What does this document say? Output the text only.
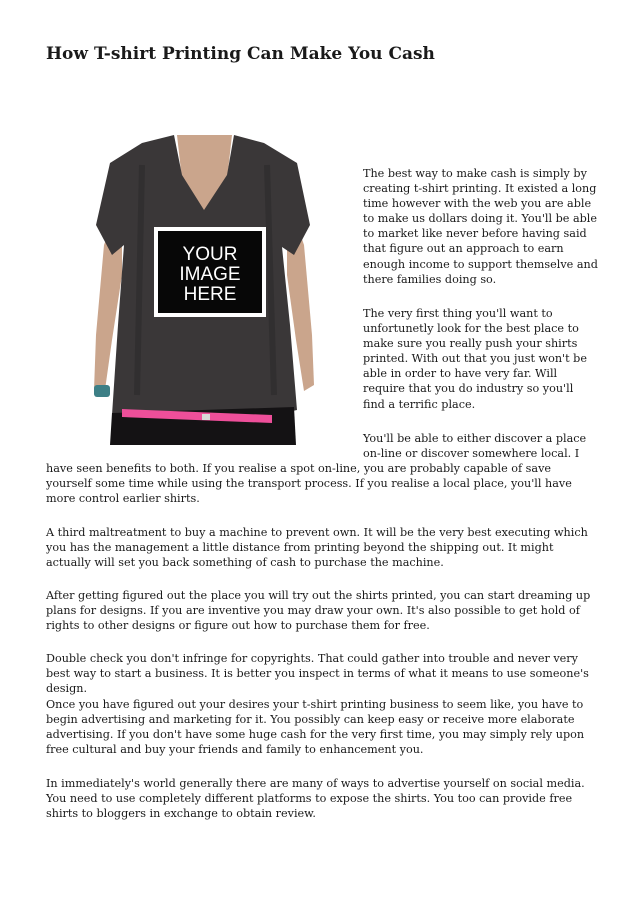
How T-shirt Printing Can Make You Cash
YOUR
IMAGE
HERE

The best way to make cash is simply by creating t-shirt printing. It existed a long time however with the web you are able to make us dollars doing it. You'll be able to market like never before having said that figure out an approach to earn enough income to support themselve and there families doing so.

The very first thing you'll want to unfortunetly look for the best place to make sure you really push your shirts printed. With out that you just won't be able in order to have very far. Will require that you do industry so you'll find a terrific place.

You'll be able to either discover a place on-line or discover somewhere local. I

have seen benefits to both. If you realise a spot on-line, you are probably capable of save yourself some time while using the transport process. If you realise a local place, you'll have more control earlier shirts.

A third maltreatment to buy a machine to prevent own. It will be the very best executing which you has the management a little distance from printing beyond the shipping out. It might actually will set you back something of cash to purchase the machine.

After getting figured out the place you will try out the shirts printed, you can start dreaming up plans for designs. If you are inventive you may draw your own. It's also possible to get hold of rights to other designs or figure out how to purchase them for free.

Double check you don't infringe for copyrights. That could gather into trouble and never very best way to start a business. It is better you inspect in terms of what it means to use someone's design.

Once you have figured out your desires your t-shirt printing business to seem like, you have to begin advertising and marketing for it. You possibly can keep easy or receive more elaborate advertising. If you don't have some huge cash for the very first time, you may simply rely upon free cultural and buy your friends and family to enhancement you.

In immediately's world generally there are many of ways to advertise yourself on social media. You need to use completely different platforms to expose the shirts. You too can provide free shirts to bloggers in exchange to obtain review.
